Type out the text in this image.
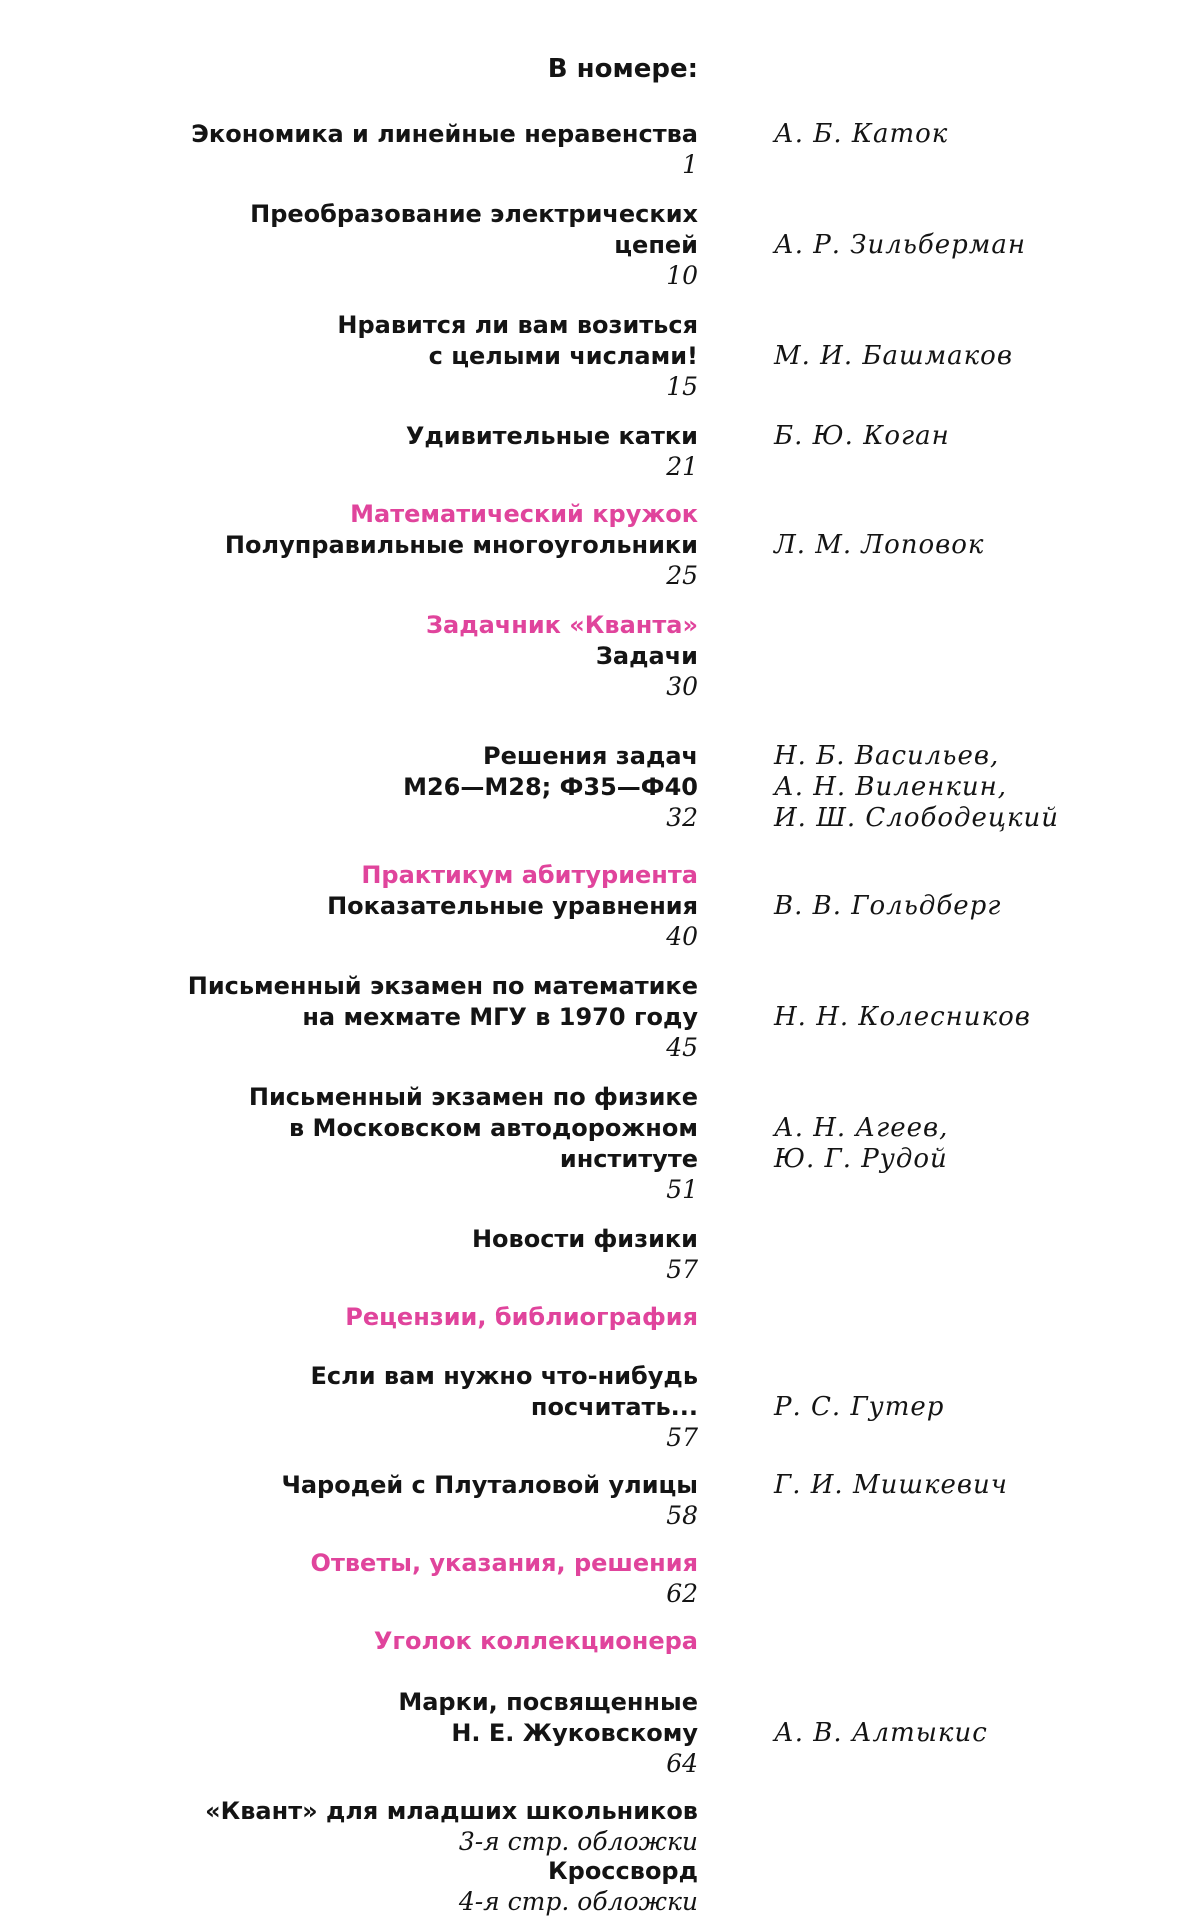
В номере:
Экономика и линейные неравенства
1
А. Б. Каток
Преобразование электрических
цепей
10
А. Р. Зильберман
Нравится ли вам возиться
с целыми числами!
15
М. И. Башмаков
Удивительные катки
21
Б. Ю. Коган
Математический кружок
Полуправильные многоугольники
25
Л. М. Лоповок
Задачник «Кванта»
Задачи
30
Решения задач
М26—М28; Ф35—Ф40
32
Н. Б. Васильев,
А. Н. Виленкин,
И. Ш. Слободецкий
Практикум абитуриента
Показательные уравнения
40
В. В. Гольдберг
Письменный экзамен по математике
на мехмате МГУ в 1970 году
45
Н. Н. Колесников
Письменный экзамен по физике
в Московском автодорожном
институте
51
А. Н. Агеев,
Ю. Г. Рудой
Новости физики
57
Рецензии, библиография
Если вам нужно что-нибудь
посчитать...
57
Р. С. Гутер
Чародей с Плуталовой улицы
58
Г. И. Мишкевич
Ответы, указания, решения
62
Уголок коллекционера
Марки, посвященные
Н. Е. Жуковскому
64
А. В. Алтыкис
«Квант» для младших школьников
3-я стр. обложки
Кроссворд
4-я стр. обложки
